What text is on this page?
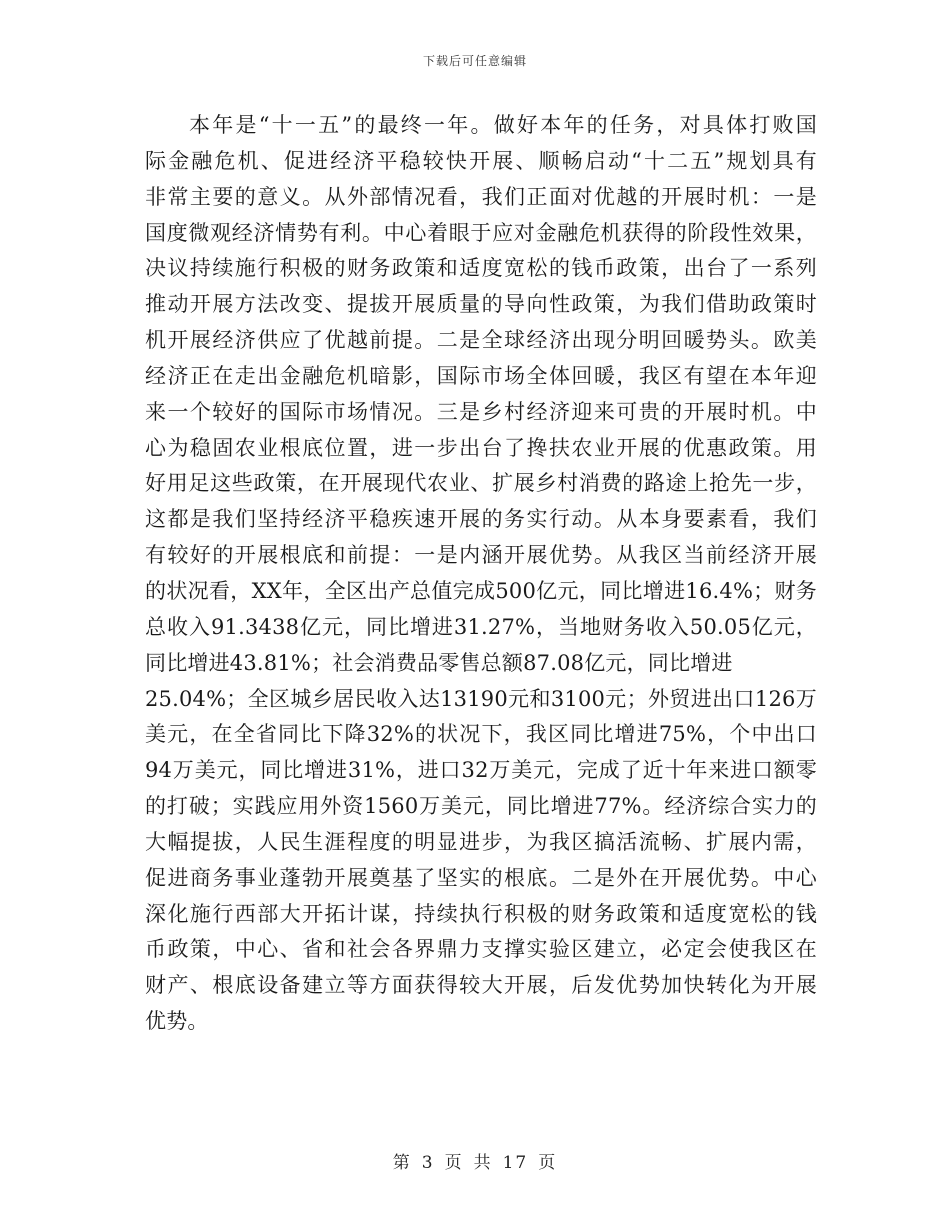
下载后可任意编辑
本年是“十一五”的最终一年。做好本年的任务，对具体打败国
际金融危机、促进经济平稳较快开展、顺畅启动“十二五”规划具有
非常主要的意义。从外部情况看，我们正面对优越的开展时机：一是
国度微观经济情势有利。中心着眼于应对金融危机获得的阶段性效果，
决议持续施行积极的财务政策和适度宽松的钱币政策，出台了一系列
推动开展方法改变、提拔开展质量的导向性政策，为我们借助政策时
机开展经济供应了优越前提。二是全球经济出现分明回暖势头。欧美
经济正在走出金融危机暗影，国际市场全体回暖，我区有望在本年迎
来一个较好的国际市场情况。三是乡村经济迎来可贵的开展时机。中
心为稳固农业根底位置，进一步出台了搀扶农业开展的优惠政策。用
好用足这些政策，在开展现代农业、扩展乡村消费的路途上抢先一步，
这都是我们坚持经济平稳疾速开展的务实行动。从本身要素看，我们
有较好的开展根底和前提：一是内涵开展优势。从我区当前经济开展
的状况看，XX年，全区出产总值完成500亿元，同比增进16.4%；财务
总收入91.3438亿元，同比增进31.27%，当地财务收入50.05亿元，
同比增进43.81%；社会消费品零售总额87.08亿元，同比增进
25.04%；全区城乡居民收入达13190元和3100元；外贸进出口126万
美元，在全省同比下降32%的状况下，我区同比增进75%，个中出口
94万美元，同比增进31%，进口32万美元，完成了近十年来进口额零
的打破；实践应用外资1560万美元，同比增进77%。经济综合实力的
大幅提拔，人民生涯程度的明显进步，为我区搞活流畅、扩展内需，
促进商务事业蓬勃开展奠基了坚实的根底。二是外在开展优势。中心
深化施行西部大开拓计谋，持续执行积极的财务政策和适度宽松的钱
币政策，中心、省和社会各界鼎力支撑实验区建立，必定会使我区在
财产、根底设备建立等方面获得较大开展，后发优势加快转化为开展
优势。
第 3 页 共 17 页
